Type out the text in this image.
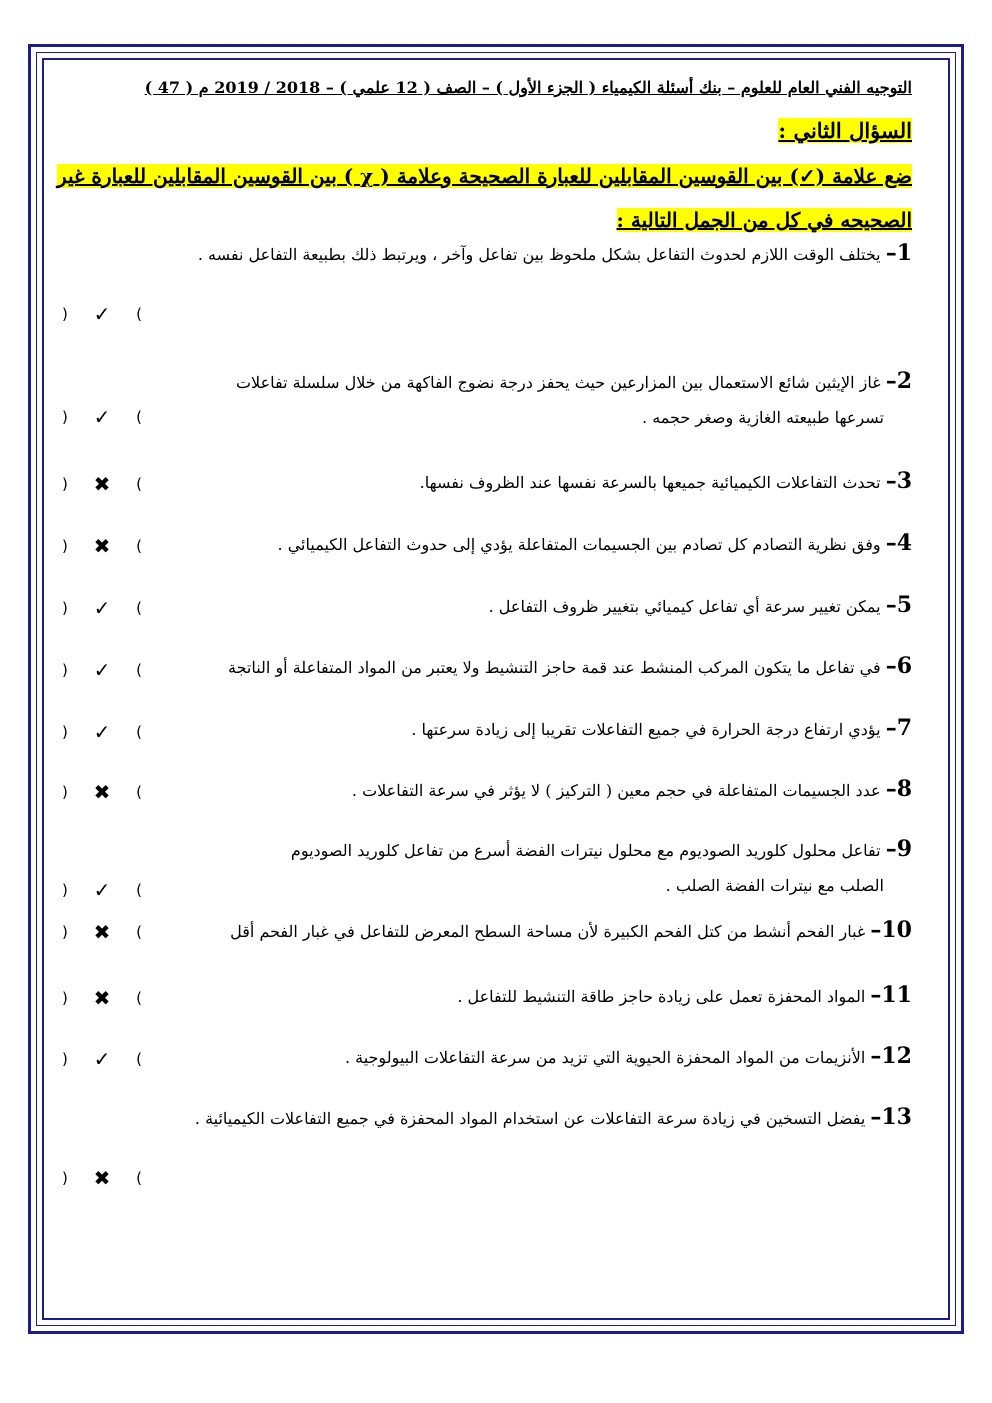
التوجيه الفني العام للعلوم – بنك أسئلة الكيمياء ( الجزء الأول ) – الصف ( 12 علمي ) – 2018 / 2019 م ( 47 )
السؤال الثاني :
ضع علامة (✓) بين القوسين المقابلين للعبارة الصحيحة وعلامة ( χ ) بين القوسين المقابلين للعبارة غير الصحيحه في كل من الجمل التالية :
1– يختلف الوقت اللازم لحدوث التفاعل بشكل ملحوظ بين تفاعل وآخر ، ويرتبط ذلك بطبيعة التفاعل نفسه .
) ✓ (
2– غاز الإيثين شائع الاستعمال بين المزارعين حيث يحفز درجة نضوج الفاكهة من خلال سلسلة تفاعلات
تسرعها طبيعته الغازية وصغر حجمه .
) ✓ (
3– تحدث التفاعلات الكيميائية جميعها بالسرعة نفسها عند الظروف نفسها.
) ✖ (
4– وفق نظرية التصادم كل تصادم بين الجسيمات المتفاعلة يؤدي إلى حدوث التفاعل الكيميائي .
) ✖ (
5– يمكن تغيير سرعة أي تفاعل كيميائي بتغيير ظروف التفاعل .
) ✓ (
6– في تفاعل ما يتكون المركب المنشط عند قمة حاجز التنشيط ولا يعتبر من المواد المتفاعلة أو الناتجة
) ✓ (
7– يؤدي ارتفاع درجة الحرارة في جميع التفاعلات تقريبا إلى زيادة سرعتها .
) ✓ (
8– عدد الجسيمات المتفاعلة في حجم معين ( التركيز ) لا يؤثر في سرعة التفاعلات .
) ✖ (
9– تفاعل محلول كلوريد الصوديوم مع محلول نيترات الفضة أسرع من تفاعل كلوريد الصوديوم
الصلب مع نيترات الفضة الصلب .
) ✓ (
10– غبار الفحم أنشط من كتل الفحم الكبيرة لأن مساحة السطح المعرض للتفاعل في غبار الفحم أقل
) ✖ (
11– المواد المحفزة تعمل على زيادة حاجز طاقة التنشيط للتفاعل .
) ✖ (
12– الأنزيمات من المواد المحفزة الحيوية التي تزيد من سرعة التفاعلات البيولوجية .
) ✓ (
13– يفضل التسخين في زيادة سرعة التفاعلات عن استخدام المواد المحفزة في جميع التفاعلات الكيميائية .
) ✖ (
